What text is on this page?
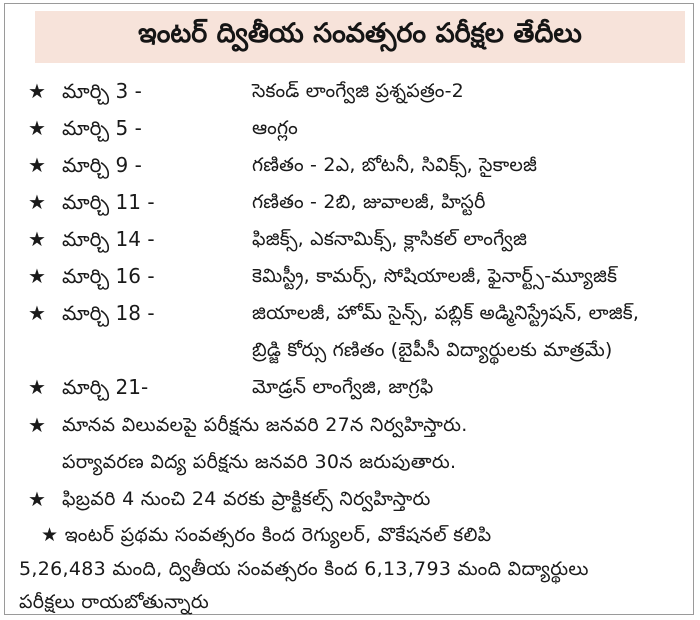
ఇంటర్ ద్వితీయ సంవత్సరం పరీక్షల తేదీలు
★ మార్చి 3 -	సెకండ్ లాంగ్వేజి ప్రశ్నపత్రం-2
★ మార్చి 5 -	ఆంగ్లం
★ మార్చి 9 -	గణితం - 2ఎ, బోటనీ, సివిక్స్, సైకాలజీ
★ మార్చి 11 -	గణితం - 2బి, జువాలజీ, హిస్టరీ
★ మార్చి 14 -	ఫిజిక్స్, ఎకనామిక్స్, క్లాసికల్ లాంగ్వేజి
★ మార్చి 16 -	కెమిస్ట్రీ, కామర్స్, సోషియాలజీ, ఫైనార్ట్స్-మ్యూజిక్
★ మార్చి 18 -	జియాలజీ, హోమ్ సైన్స్, పబ్లిక్ అడ్మినిస్ట్రేషన్, లాజిక్,
బ్రిడ్జి కోర్సు గణితం (బైపీసీ విద్యార్థులకు మాత్రమే)
★ మార్చి 21-	మోడ్రన్ లాంగ్వేజి, జాగ్రఫి
★ మానవ విలువలపై పరీక్షను జనవరి 27న నిర్వహిస్తారు.
పర్యావరణ విద్య పరీక్షను జనవరి 30న జరుపుతారు.
★ ఫిబ్రవరి 4 నుంచి 24 వరకు ప్రాక్టికల్స్ నిర్వహిస్తారు
★ ఇంటర్ ప్రథమ సంవత్సరం కింద రెగ్యులర్, వొకేషనల్ కలిపి
5,26,483 మంది, ద్వితీయ సంవత్సరం కింద 6,13,793 మంది విద్యార్థులు
పరీక్షలు రాయబోతున్నారు
